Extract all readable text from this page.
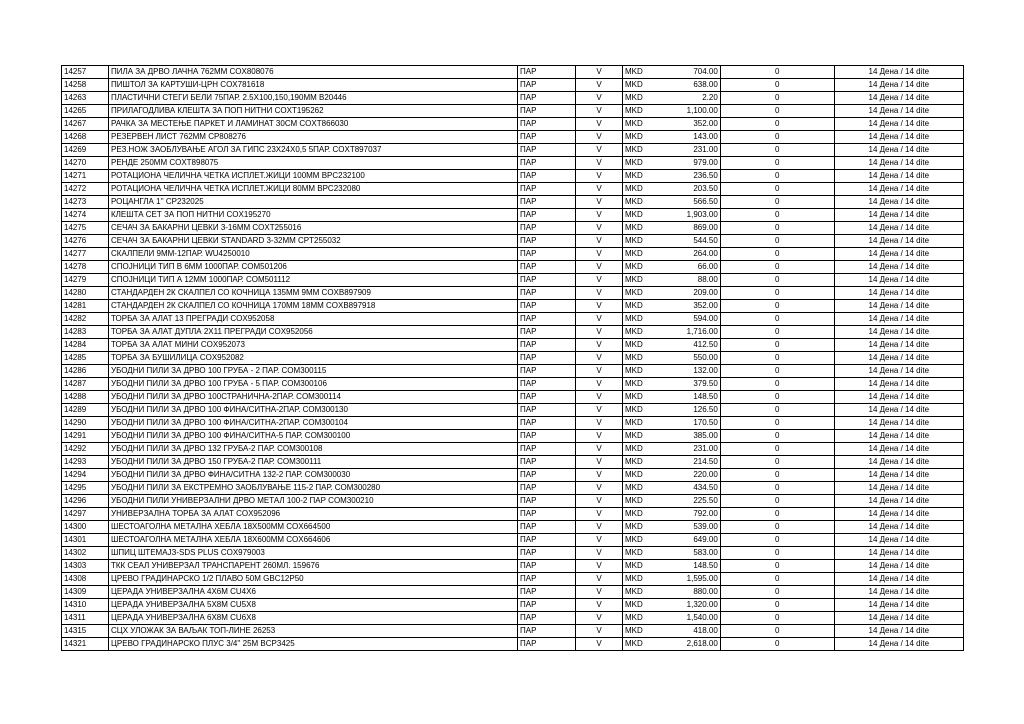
14257	ПИЛА ЗА ДРВО ЛАЧНА 762ММ COX808076	ПАР	V	MKD	704.00	0	14 Дена / 14 dite
14258	ПИШТОЛ ЗА КАРТУШИ-ЦРН COX781618	ПАР	V	MKD	638.00	0	14 Дена / 14 dite
14263	ПЛАСТИЧНИ СТЕГИ БЕЛИ 75ПАР. 2.5X100,150,190ММ B20446	ПАР	V	MKD	2.20	0	14 Дена / 14 dite
14265	ПРИЛАГОДЛИВА КЛЕШТА ЗА ПОП НИТНИ COXT195262	ПАР	V	MKD	1,100.00	0	14 Дена / 14 dite
14267	РАЧКА ЗА МЕСТЕЊЕ ПАРКЕТ И ЛАМИНАТ 30СМ COXT866030	ПАР	V	MKD	352.00	0	14 Дена / 14 dite
14268	РЕЗЕРВЕН ЛИСТ 762ММ CP808276	ПАР	V	MKD	143.00	0	14 Дена / 14 dite
14269	РЕЗ.НОЖ ЗАОБЛУВАЊЕ АГОЛ ЗА ГИПС 23X24X0,5 5ПАР. COXT897037	ПАР	V	MKD	231.00	0	14 Дена / 14 dite
14270	РЕНДЕ 250ММ COXT898075	ПАР	V	MKD	979.00	0	14 Дена / 14 dite
14271	РОТАЦИОНА ЧЕЛИЧНА ЧЕТКА ИСПЛЕТ.ЖИЦИ 100ММ BPC232100	ПАР	V	MKD	236.50	0	14 Дена / 14 dite
14272	РОТАЦИОНА ЧЕЛИЧНА ЧЕТКА ИСПЛЕТ.ЖИЦИ 80ММ BPC232080	ПАР	V	MKD	203.50	0	14 Дена / 14 dite
14273	РОЦАНГЛА 1'' CP232025	ПАР	V	MKD	566.50	0	14 Дена / 14 dite
14274	КЛЕШТА СЕТ ЗА ПОП НИТНИ COX195270	ПАР	V	MKD	1,903.00	0	14 Дена / 14 dite
14275	СЕЧАЧ ЗА БАКАРНИ ЦЕВКИ 3-16ММ COXT255016	ПАР	V	MKD	869.00	0	14 Дена / 14 dite
14276	СЕЧАЧ ЗА БАКАРНИ ЦЕВКИ STANDARD 3-32ММ CPT255032	ПАР	V	MKD	544.50	0	14 Дена / 14 dite
14277	СКАЛПЕЛИ 9ММ-12ПАР. WU4250010	ПАР	V	MKD	264.00	0	14 Дена / 14 dite
14278	СПОЈНИЦИ ТИП В 6ММ 1000ПАР. COM501206	ПАР	V	MKD	66.00	0	14 Дена / 14 dite
14279	СПОЈНИЦИ ТИП А 12ММ 1000ПАР. COM501112	ПАР	V	MKD	88.00	0	14 Дена / 14 dite
14280	СТАНДАРДЕН 2К СКАЛПЕЛ СО КОЧНИЦА 135ММ 9ММ COXB897909	ПАР	V	MKD	209.00	0	14 Дена / 14 dite
14281	СТАНДАРДЕН 2К СКАЛПЕЛ СО КОЧНИЦА 170ММ 18ММ COXB897918	ПАР	V	MKD	352.00	0	14 Дена / 14 dite
14282	ТОРБА ЗА АЛАТ 13 ПРЕГРАДИ COX952058	ПАР	V	MKD	594.00	0	14 Дена / 14 dite
14283	ТОРБА ЗА АЛАТ ДУПЛА 2X11 ПРЕГРАДИ COX952056	ПАР	V	MKD	1,716.00	0	14 Дена / 14 dite
14284	ТОРБА ЗА АЛАТ МИНИ COX952073	ПАР	V	MKD	412.50	0	14 Дена / 14 dite
14285	ТОРБА ЗА БУШИЛИЦА COX952082	ПАР	V	MKD	550.00	0	14 Дена / 14 dite
14286	УБОДНИ ПИЛИ ЗА ДРВО 100 ГРУБА - 2 ПАР. COM300115	ПАР	V	MKD	132.00	0	14 Дена / 14 dite
14287	УБОДНИ ПИЛИ ЗА ДРВО 100 ГРУБА - 5 ПАР. COM300106	ПАР	V	MKD	379.50	0	14 Дена / 14 dite
14288	УБОДНИ ПИЛИ ЗА ДРВО 100СТРАНИЧНА-2ПАР. COM300114	ПАР	V	MKD	148.50	0	14 Дена / 14 dite
14289	УБОДНИ ПИЛИ ЗА ДРВО 100 ФИНА/СИТНА-2ПАР. COM300130	ПАР	V	MKD	126.50	0	14 Дена / 14 dite
14290	УБОДНИ ПИЛИ ЗА ДРВО 100 ФИНА/СИТНА-2ПАР. COM300104	ПАР	V	MKD	170.50	0	14 Дена / 14 dite
14291	УБОДНИ ПИЛИ ЗА ДРВО 100 ФИНА/СИТНА-5 ПАР. COM300100	ПАР	V	MKD	385.00	0	14 Дена / 14 dite
14292	УБОДНИ ПИЛИ ЗА ДРВО 132 ГРУБА-2 ПАР. COM300108	ПАР	V	MKD	231.00	0	14 Дена / 14 dite
14293	УБОДНИ ПИЛИ ЗА ДРВО 150 ГРУБА-2 ПАР. COM300111	ПАР	V	MKD	214.50	0	14 Дена / 14 dite
14294	УБОДНИ ПИЛИ ЗА ДРВО ФИНА/СИТНА 132-2 ПАР. COM300030	ПАР	V	MKD	220.00	0	14 Дена / 14 dite
14295	УБОДНИ ПИЛИ ЗА ЕКСТРЕМНО ЗАОБЛУВАЊЕ 115-2 ПАР. COM300280	ПАР	V	MKD	434.50	0	14 Дена / 14 dite
14296	УБОДНИ ПИЛИ УНИВЕРЗАЛНИ ДРВО МЕТАЛ 100-2 ПАР COM300210	ПАР	V	MKD	225.50	0	14 Дена / 14 dite
14297	УНИВЕРЗАЛНА ТОРБА ЗА АЛАТ COX952096	ПАР	V	MKD	792.00	0	14 Дена / 14 dite
14300	ШЕСТОАГОЛНА МЕТАЛНА ХЕБЛА 18X500ММ COX664500	ПАР	V	MKD	539.00	0	14 Дена / 14 dite
14301	ШЕСТОАГОЛНА МЕТАЛНА ХЕБЛА 18X600ММ COX664606	ПАР	V	MKD	649.00	0	14 Дена / 14 dite
14302	ШПИЦ ШТЕМАЈЗ-SDS PLUS COX979003	ПАР	V	MKD	583.00	0	14 Дена / 14 dite
14303	ТКК СЕАЛ УНИВЕРЗАЛ ТРАНСПАРЕНТ 260МЛ. 159676	ПАР	V	MKD	148.50	0	14 Дена / 14 dite
14308	ЦРЕВО ГРАДИНАРСКО 1/2 ПЛАВО 50М GBC12P50	ПАР	V	MKD	1,595.00	0	14 Дена / 14 dite
14309	ЦЕРАДА УНИВЕРЗАЛНА 4X6М CU4X6	ПАР	V	MKD	880.00	0	14 Дена / 14 dite
14310	ЦЕРАДА УНИВЕРЗАЛНА 5X8М CU5X8	ПАР	V	MKD	1,320.00	0	14 Дена / 14 dite
14311	ЦЕРАДА УНИВЕРЗАЛНА 6X8М CU6X8	ПАР	V	MKD	1,540.00	0	14 Дена / 14 dite
14315	СЦХ УЛОЖАК ЗА ВАЉАК ТОП-ЛИНЕ 26253	ПАР	V	MKD	418.00	0	14 Дена / 14 dite
14321	ЦРЕВО ГРАДИНАРСКО ПЛУС 3/4'' 25М BCP3425	ПАР	V	MKD	2,618.00	0	14 Дена / 14 dite
